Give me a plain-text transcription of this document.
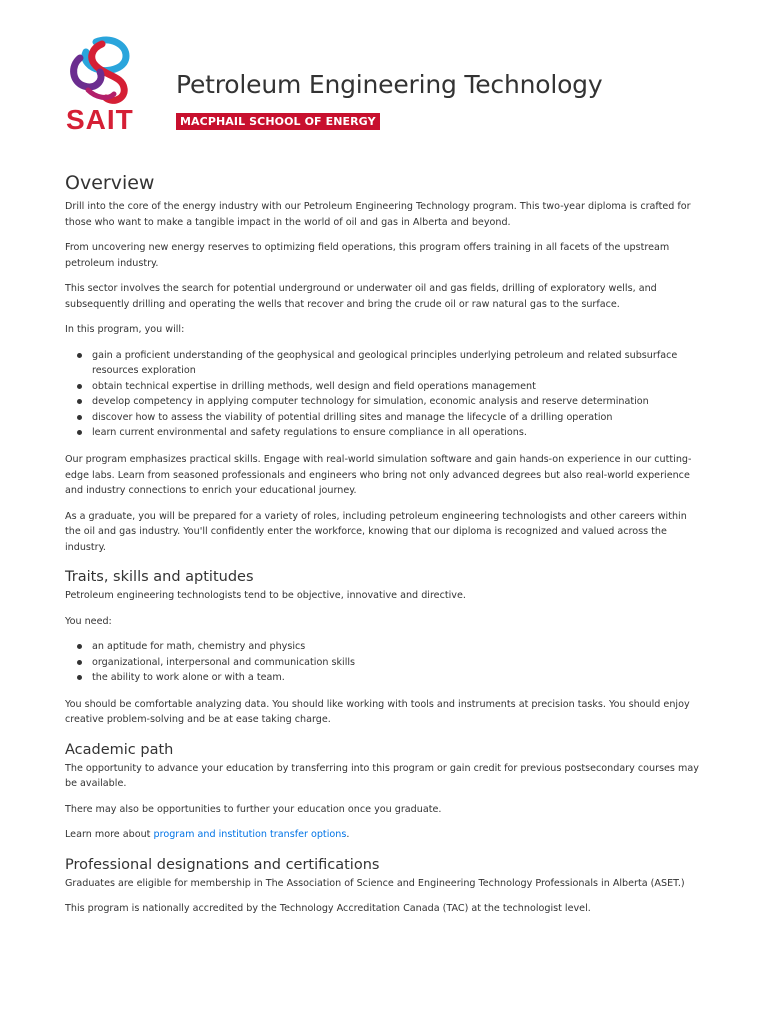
SAIT
Petroleum Engineering Technology
MACPHAIL SCHOOL OF ENERGY
Overview

Drill into the core of the energy industry with our Petroleum Engineering Technology program. This two-year diploma is crafted for those who want to make a tangible impact in the world of oil and gas in Alberta and beyond.

From uncovering new energy reserves to optimizing field operations, this program offers training in all facets of the upstream petroleum industry.

This sector involves the search for potential underground or underwater oil and gas fields, drilling of exploratory wells, and subsequently drilling and operating the wells that recover and bring the crude oil or raw natural gas to the surface.

In this program, you will:

gain a proficient understanding of the geophysical and geological principles underlying petroleum and related subsurface resources exploration
obtain technical expertise in drilling methods, well design and field operations management
develop competency in applying computer technology for simulation, economic analysis and reserve determination
discover how to assess the viability of potential drilling sites and manage the lifecycle of a drilling operation
learn current environmental and safety regulations to ensure compliance in all operations.

Our program emphasizes practical skills. Engage with real-world simulation software and gain hands-on experience in our cutting-edge labs. Learn from seasoned professionals and engineers who bring not only advanced degrees but also real-world experience and industry connections to enrich your educational journey.

As a graduate, you will be prepared for a variety of roles, including petroleum engineering technologists and other careers within the oil and gas industry. You'll confidently enter the workforce, knowing that our diploma is recognized and valued across the industry.

Traits, skills and aptitudes

Petroleum engineering technologists tend to be objective, innovative and directive.

You need:

an aptitude for math, chemistry and physics
organizational, interpersonal and communication skills
the ability to work alone or with a team.

You should be comfortable analyzing data. You should like working with tools and instruments at precision tasks. You should enjoy creative problem-solving and be at ease taking charge.

Academic path

The opportunity to advance your education by transferring into this program or gain credit for previous postsecondary courses may be available.

There may also be opportunities to further your education once you graduate.

Learn more about program and institution transfer options.

Professional designations and certifications

Graduates are eligible for membership in The Association of Science and Engineering Technology Professionals in Alberta (ASET.)

This program is nationally accredited by the Technology Accreditation Canada (TAC) at the technologist level.
